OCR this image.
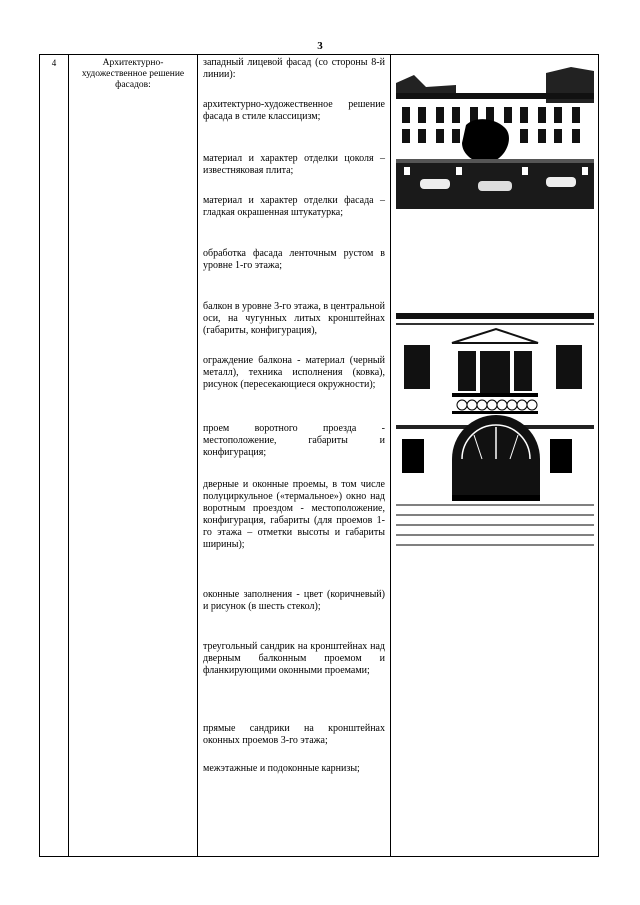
3
4	Архитектурно-художественное решение фасадов:

западный лицевой фасад (со стороны 8-й линии):

архитектурно-художественное решение фасада в стиле классицизм;

материал и характер отделки цоколя – известняковая плита;

материал и характер отделки фасада – гладкая окрашенная штукатурка;

обработка фасада ленточным рустом в уровне 1-го этажа;

балкон в уровне 3-го этажа, в центральной оси, на чугунных литых кронштейнах (габариты, конфигурация),

ограждение балкона - материал (черный металл), техника исполнения (ковка), рисунок (пересекающиеся окружности);

проем воротного проезда - местоположение, габариты и конфигурация;

дверные и оконные проемы, в том числе полуциркульное («термальное») окно над воротным проездом - местоположение, конфигурация, габариты (для проемов 1-го этажа – отметки высоты и габариты ширины);

оконные заполнения - цвет (коричневый) и рисунок (в шесть стекол);

треугольный сандрик на кронштейнах над дверным балконным проемом и фланкирующими оконными проемами;

прямые сандрики на кронштейнах оконных проемов 3-го этажа;

межэтажные и подоконные карнизы;
